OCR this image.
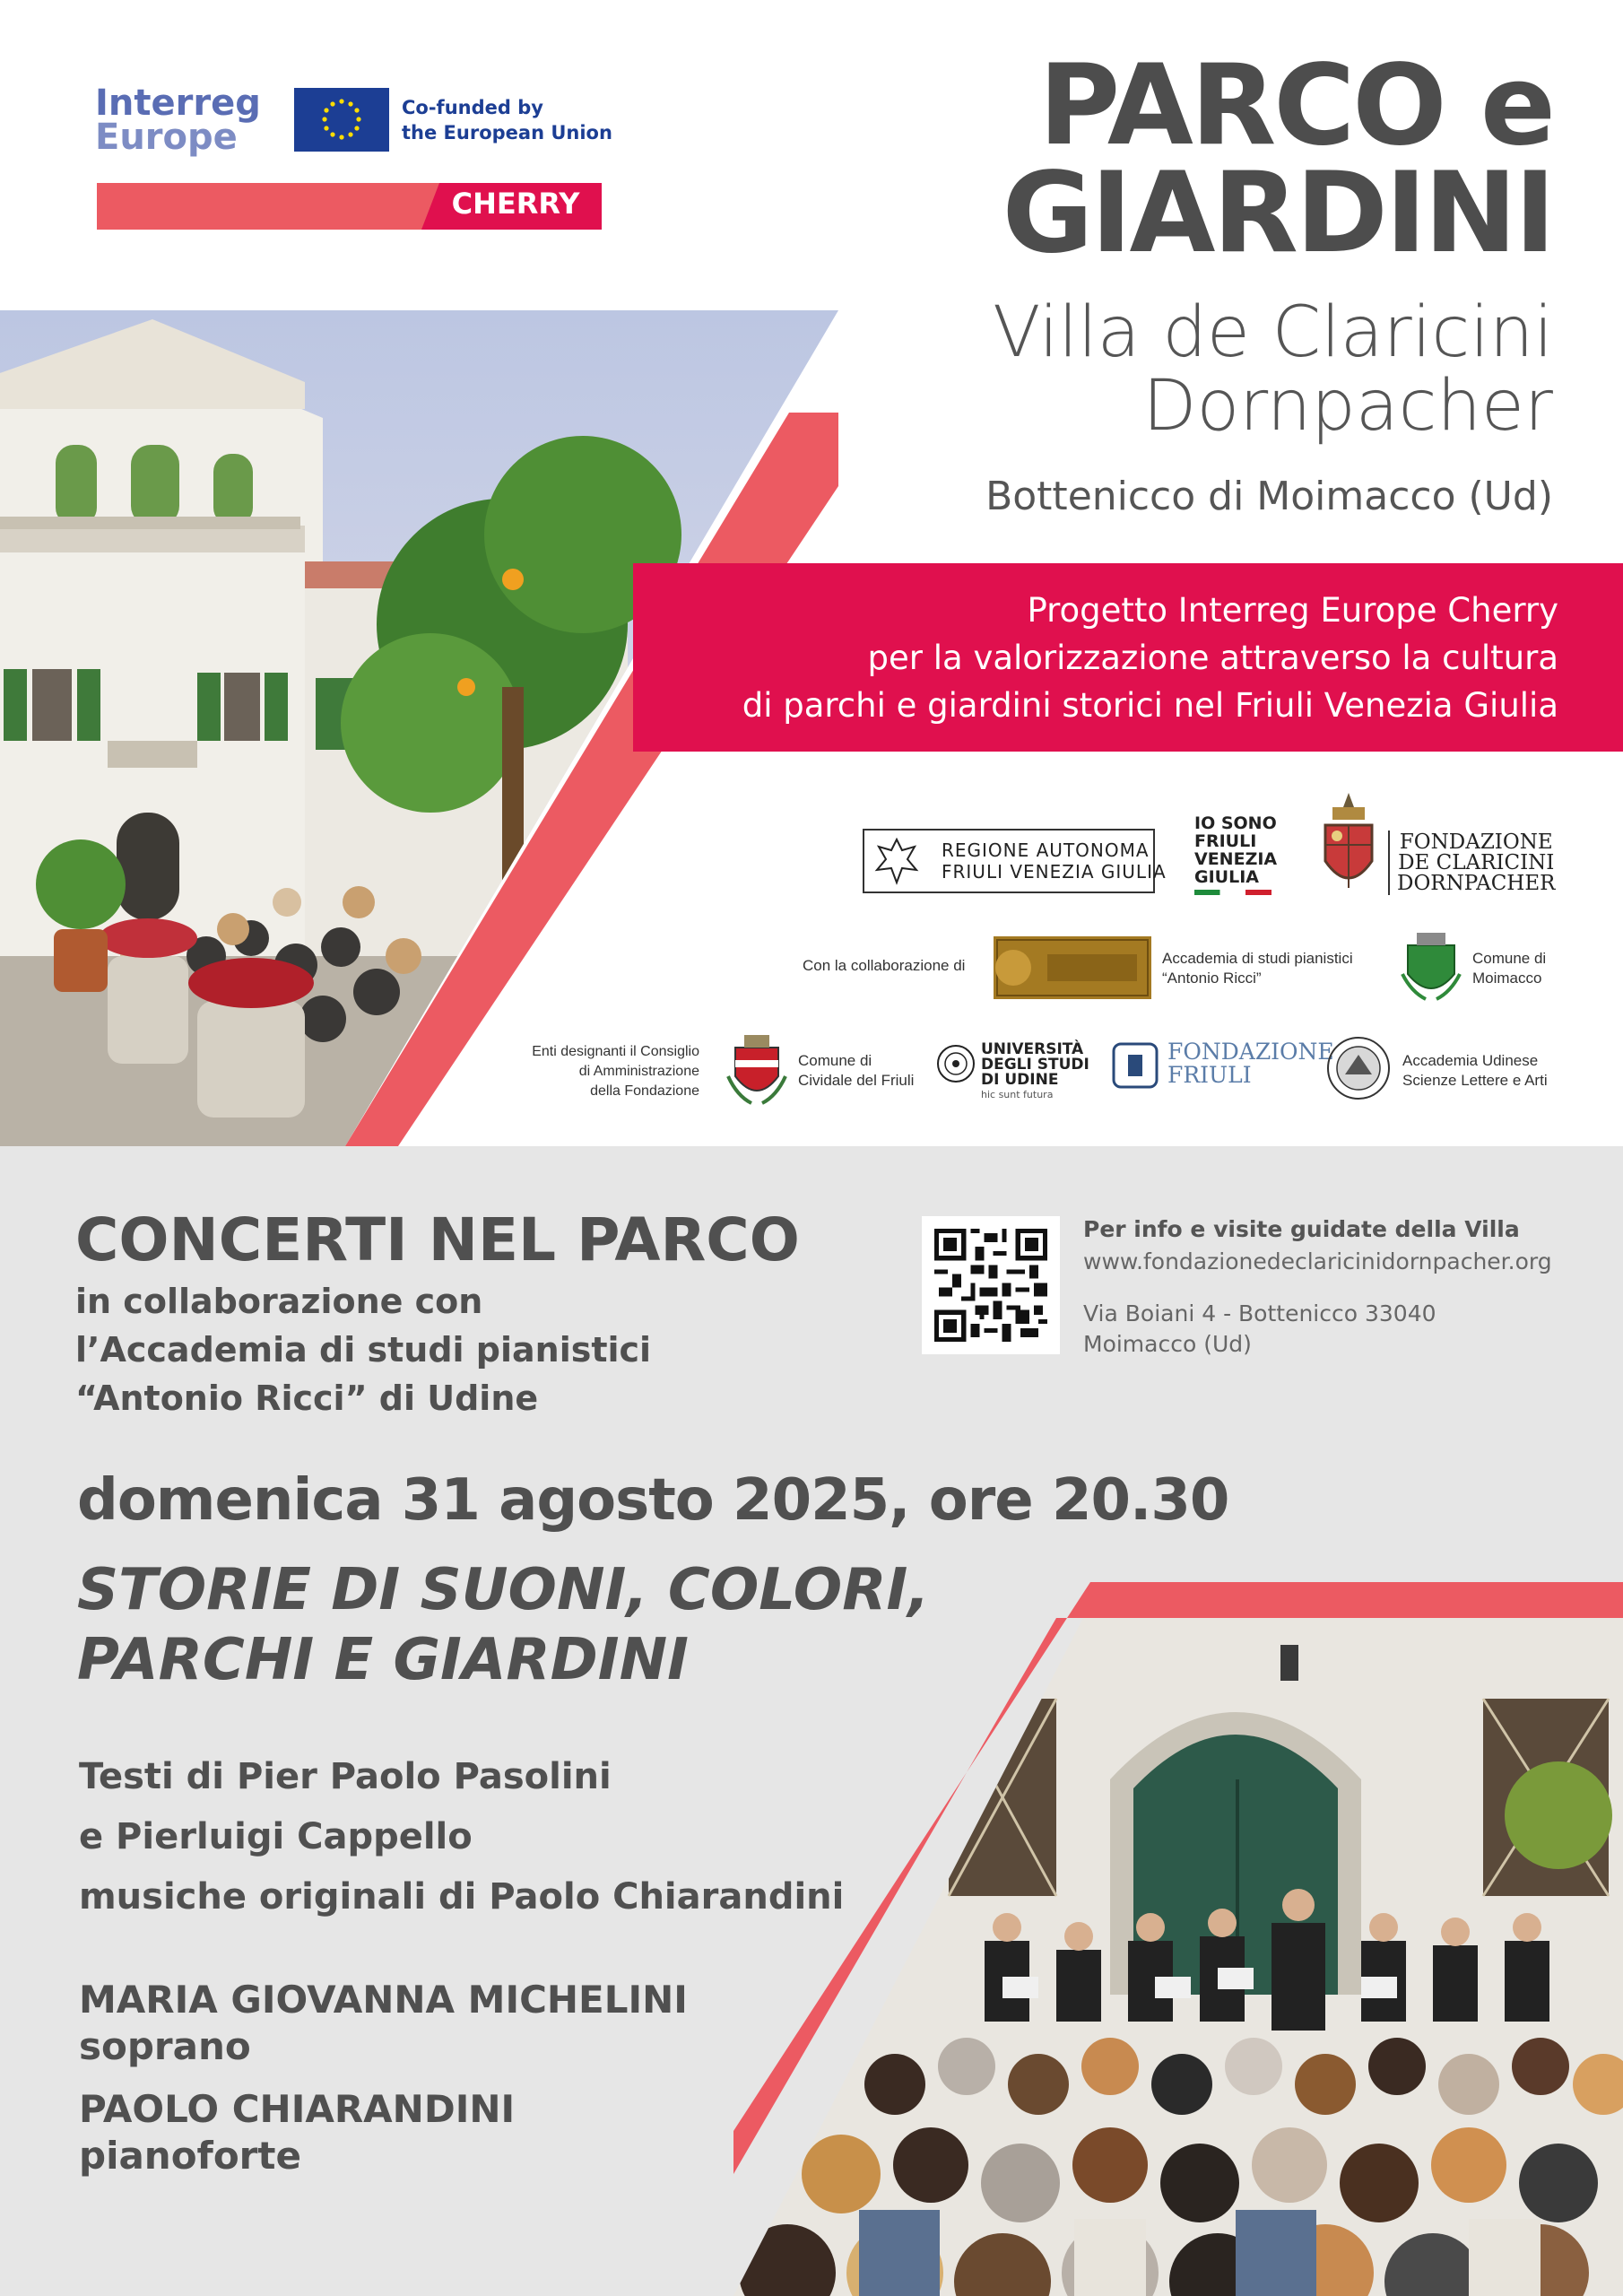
Interreg
Europe
Co-funded by
the European Union
CHERRY
PARCO e
GIARDINI
Villa de Claricini
Dornpacher
Bottenicco di Moimacco (Ud)
Progetto Interreg Europe Cherry
per la valorizzazione attraverso la cultura
di parchi e giardini storici nel Friuli Venezia Giulia
REGIONE AUTONOMA
FRIULI VENEZIA GIULIA
IO SONO
FRIULI
VENEZIA
GIULIA
FONDAZIONE
DE CLARICINI
DORNPACHER
Con la collaborazione di	Accademia di studi pianistici
“Antonio Ricci”
Comune di
Moimacco
Enti designanti il Consiglio
di Amministrazione
della Fondazione
Comune di
Cividale del Friuli
UNIVERSITÀ
DEGLI STUDI
DI UDINE
hic sunt futura
FONDAZIONE
FRIULI
Accademia Udinese
Scienze Lettere e Arti
CONCERTI NEL PARCO
in collaborazione con
l’Accademia di studi pianistici
“Antonio Ricci” di Udine
Per info e visite guidate della Villa
www.fondazionedeclaricinidornpacher.org
Via Boiani 4 - Bottenicco 33040
Moimacco (Ud)
domenica 31 agosto 2025, ore 20.30
STORIE DI SUONI, COLORI,
PARCHI E GIARDINI
Testi di Pier Paolo Pasolini
e Pierluigi Cappello
musiche originali di Paolo Chiarandini
MARIA GIOVANNA MICHELINI
soprano
PAOLO CHIARANDINI
pianoforte
